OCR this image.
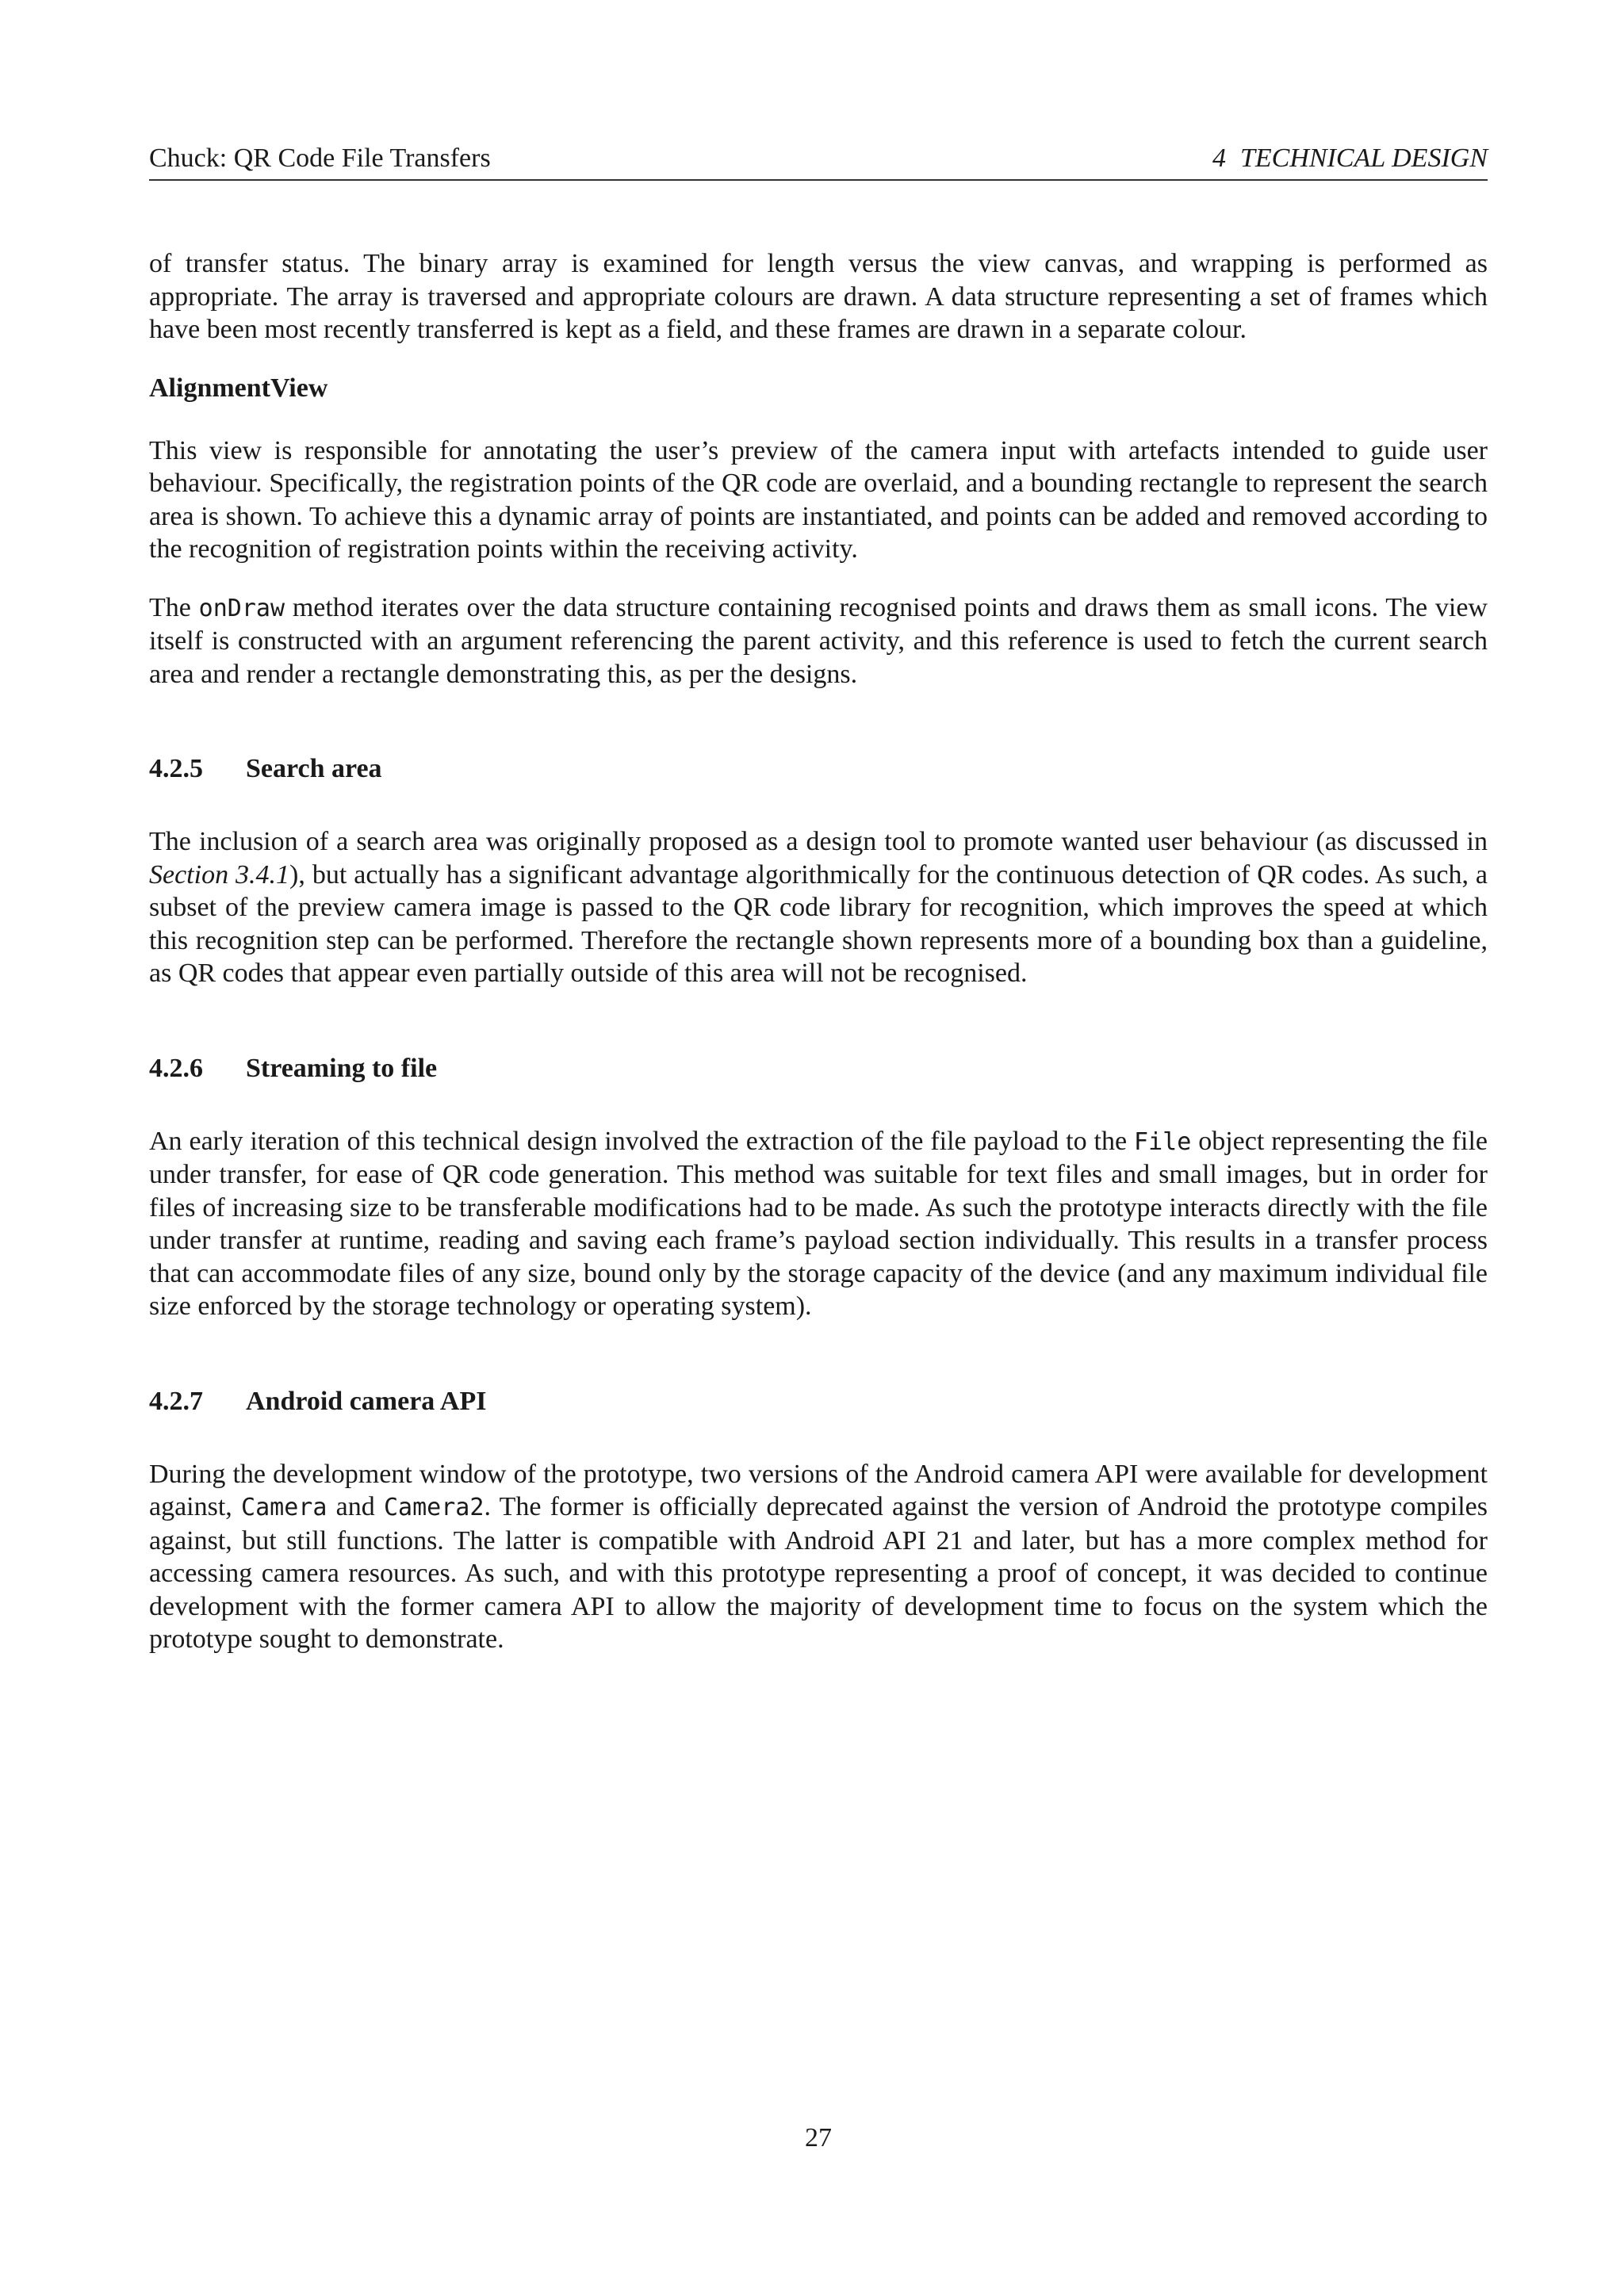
Chuck: QR Code File Transfers	4 TECHNICAL DESIGN

of transfer status. The binary array is examined for length versus the view canvas, and wrapping is performed as appropriate. The array is traversed and appropriate colours are drawn. A data structure representing a set of frames which have been most recently transferred is kept as a field, and these frames are drawn in a separate colour.

AlignmentView

This view is responsible for annotating the user’s preview of the camera input with artefacts intended to guide user behaviour. Specifically, the registration points of the QR code are overlaid, and a bounding rectangle to represent the search area is shown. To achieve this a dynamic array of points are instantiated, and points can be added and removed according to the recognition of registration points within the receiving activity.

The onDraw method iterates over the data structure containing recognised points and draws them as small icons. The view itself is constructed with an argument referencing the parent activity, and this reference is used to fetch the current search area and render a rectangle demonstrating this, as per the designs.

4.2.5 Search area

The inclusion of a search area was originally proposed as a design tool to promote wanted user behaviour (as discussed in Section 3.4.1), but actually has a significant advantage algorithmically for the continuous detection of QR codes. As such, a subset of the preview camera image is passed to the QR code library for recognition, which improves the speed at which this recognition step can be performed. Therefore the rectangle shown represents more of a bounding box than a guideline, as QR codes that appear even partially outside of this area will not be recognised.

4.2.6 Streaming to file

An early iteration of this technical design involved the extraction of the file payload to the File object representing the file under transfer, for ease of QR code generation. This method was suitable for text files and small images, but in order for files of increasing size to be transferable modifications had to be made. As such the prototype interacts directly with the file under transfer at runtime, reading and saving each frame’s payload section individually. This results in a transfer process that can accommodate files of any size, bound only by the storage capacity of the device (and any maximum individual file size enforced by the storage technology or operating system).

4.2.7 Android camera API

During the development window of the prototype, two versions of the Android camera API were available for development against, Camera and Camera2. The former is officially deprecated against the version of Android the prototype compiles against, but still functions. The latter is compatible with Android API 21 and later, but has a more complex method for accessing camera resources. As such, and with this prototype representing a proof of concept, it was decided to continue development with the former camera API to allow the majority of development time to focus on the system which the prototype sought to demonstrate.

27
